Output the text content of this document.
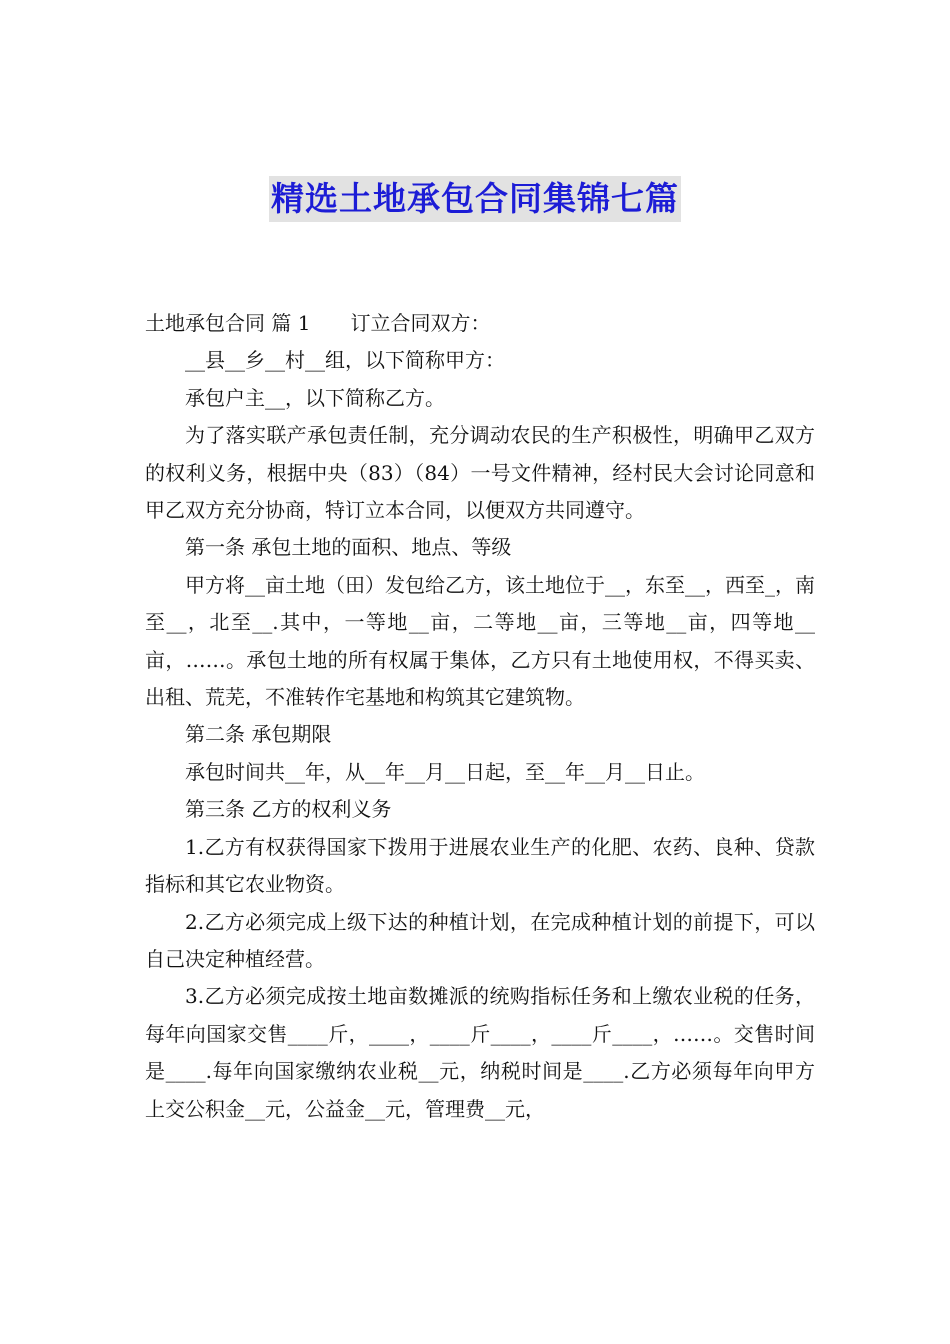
精选土地承包合同集锦七篇

土地承包合同 篇 1 订立合同双方：

__县__乡__村__组，以下简称甲方：

承包户主__，以下简称乙方。

为了落实联产承包责任制，充分调动农民的生产积极性，明确甲乙双方的权利义务，根据中央（83）（84）一号文件精神，经村民大会讨论同意和甲乙双方充分协商，特订立本合同，以便双方共同遵守。

第一条 承包土地的面积、地点、等级

甲方将__亩土地（田）发包给乙方，该土地位于__，东至__，西至_，南至__，北至__.其中，一等地__亩，二等地__亩，三等地__亩，四等地__亩，……。承包土地的所有权属于集体，乙方只有土地使用权，不得买卖、出租、荒芜，不准转作宅基地和构筑其它建筑物。

第二条 承包期限

承包时间共__年，从__年__月__日起，至__年__月__日止。

第三条 乙方的权利义务

1.乙方有权获得国家下拨用于进展农业生产的化肥、农药、良种、贷款指标和其它农业物资。

2.乙方必须完成上级下达的种植计划，在完成种植计划的前提下，可以自己决定种植经营。

3.乙方必须完成按土地亩数摊派的统购指标任务和上缴农业税的任务，每年向国家交售____斤，____，____斤____，____斤____，……。交售时间是____.每年向国家缴纳农业税__元，纳税时间是____.乙方必须每年向甲方上交公积金__元，公益金__元，管理费__元，
